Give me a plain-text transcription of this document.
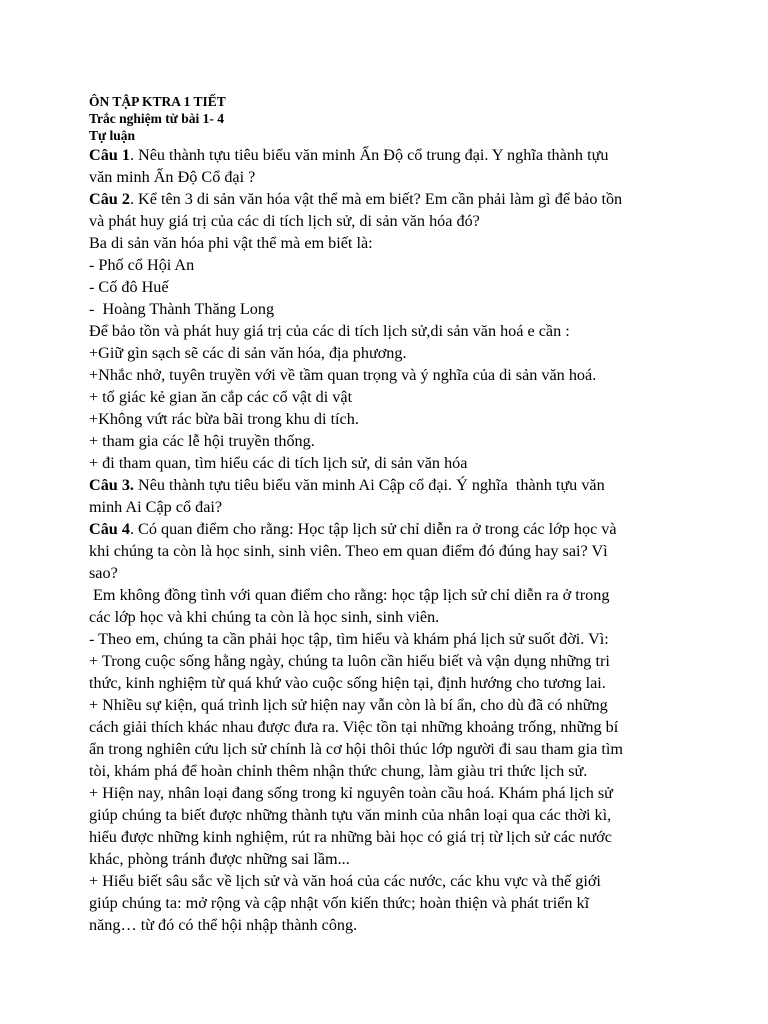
ÔN TẬP KTRA 1 TIẾT
Trắc nghiệm từ bài 1- 4
Tự luận
Câu 1. Nêu thành tựu tiêu biểu văn minh Ấn Độ cổ trung đại. Y nghĩa thành tựu
văn minh Ấn Độ Cổ đại ?
Câu 2. Kể tên 3 di sản văn hóa vật thể mà em biết? Em cần phải làm gì để bảo tồn
và phát huy giá trị của các di tích lịch sử, di sản văn hóa đó?
Ba di sản văn hóa phi vật thể mà em biết là:
- Phố cổ Hội An
- Cố đô Huế
-  Hoàng Thành Thăng Long
Để bảo tồn và phát huy giá trị của các di tích lịch sử,di sản văn hoá e cần :
+Giữ gìn sạch sẽ các di sản văn hóa, địa phương.
+Nhắc nhở, tuyên truyền với về tầm quan trọng và ý nghĩa của di sản văn hoá.
+ tố giác kẻ gian ăn cắp các cổ vật di vật
+Không vứt rác bừa bãi trong khu di tích.
+ tham gia các lễ hội truyền thống.
+ đi tham quan, tìm hiểu các di tích lịch sử, di sản văn hóa
Câu 3. Nêu thành tựu tiêu biểu văn minh Ai Cập cổ đại. Ý nghĩa  thành tựu văn
minh Ai Cập cổ đai?
Câu 4. Có quan điểm cho rằng: Học tập lịch sử chỉ diễn ra ở trong các lớp học và
khi chúng ta còn là học sinh, sinh viên. Theo em quan điểm đó đúng hay sai? Vì
sao?
Em không đồng tình với quan điểm cho rằng: học tập lịch sử chỉ diễn ra ở trong
các lớp học và khi chúng ta còn là học sinh, sinh viên.
- Theo em, chúng ta cần phải học tập, tìm hiểu và khám phá lịch sử suốt đời. Vì:
+ Trong cuộc sống hằng ngày, chúng ta luôn cần hiểu biết và vận dụng những tri
thức, kinh nghiệm từ quá khứ vào cuộc sống hiện tại, định hướng cho tương lai.
+ Nhiều sự kiện, quá trình lịch sử hiện nay vẫn còn là bí ẩn, cho dù đã có những
cách giải thích khác nhau được đưa ra. Việc tồn tại những khoảng trống, những bí
ẩn trong nghiên cứu lịch sử chính là cơ hội thôi thúc lớp người đi sau tham gia tìm
tòi, khám phá để hoàn chỉnh thêm nhận thức chung, làm giàu tri thức lịch sử.
+ Hiện nay, nhân loại đang sống trong kỉ nguyên toàn cầu hoá. Khám phá lịch sử
giúp chúng ta biết được những thành tựu văn minh của nhân loại qua các thời kì,
hiểu được những kinh nghiệm, rút ra những bài học có giá trị từ lịch sử các nước
khác, phòng tránh được những sai lầm...
+ Hiểu biết sâu sắc về lịch sử và văn hoá của các nước, các khu vực và thế giới
giúp chúng ta: mở rộng và cập nhật vốn kiến thức; hoàn thiện và phát triển kĩ
năng… từ đó có thể hội nhập thành công.
